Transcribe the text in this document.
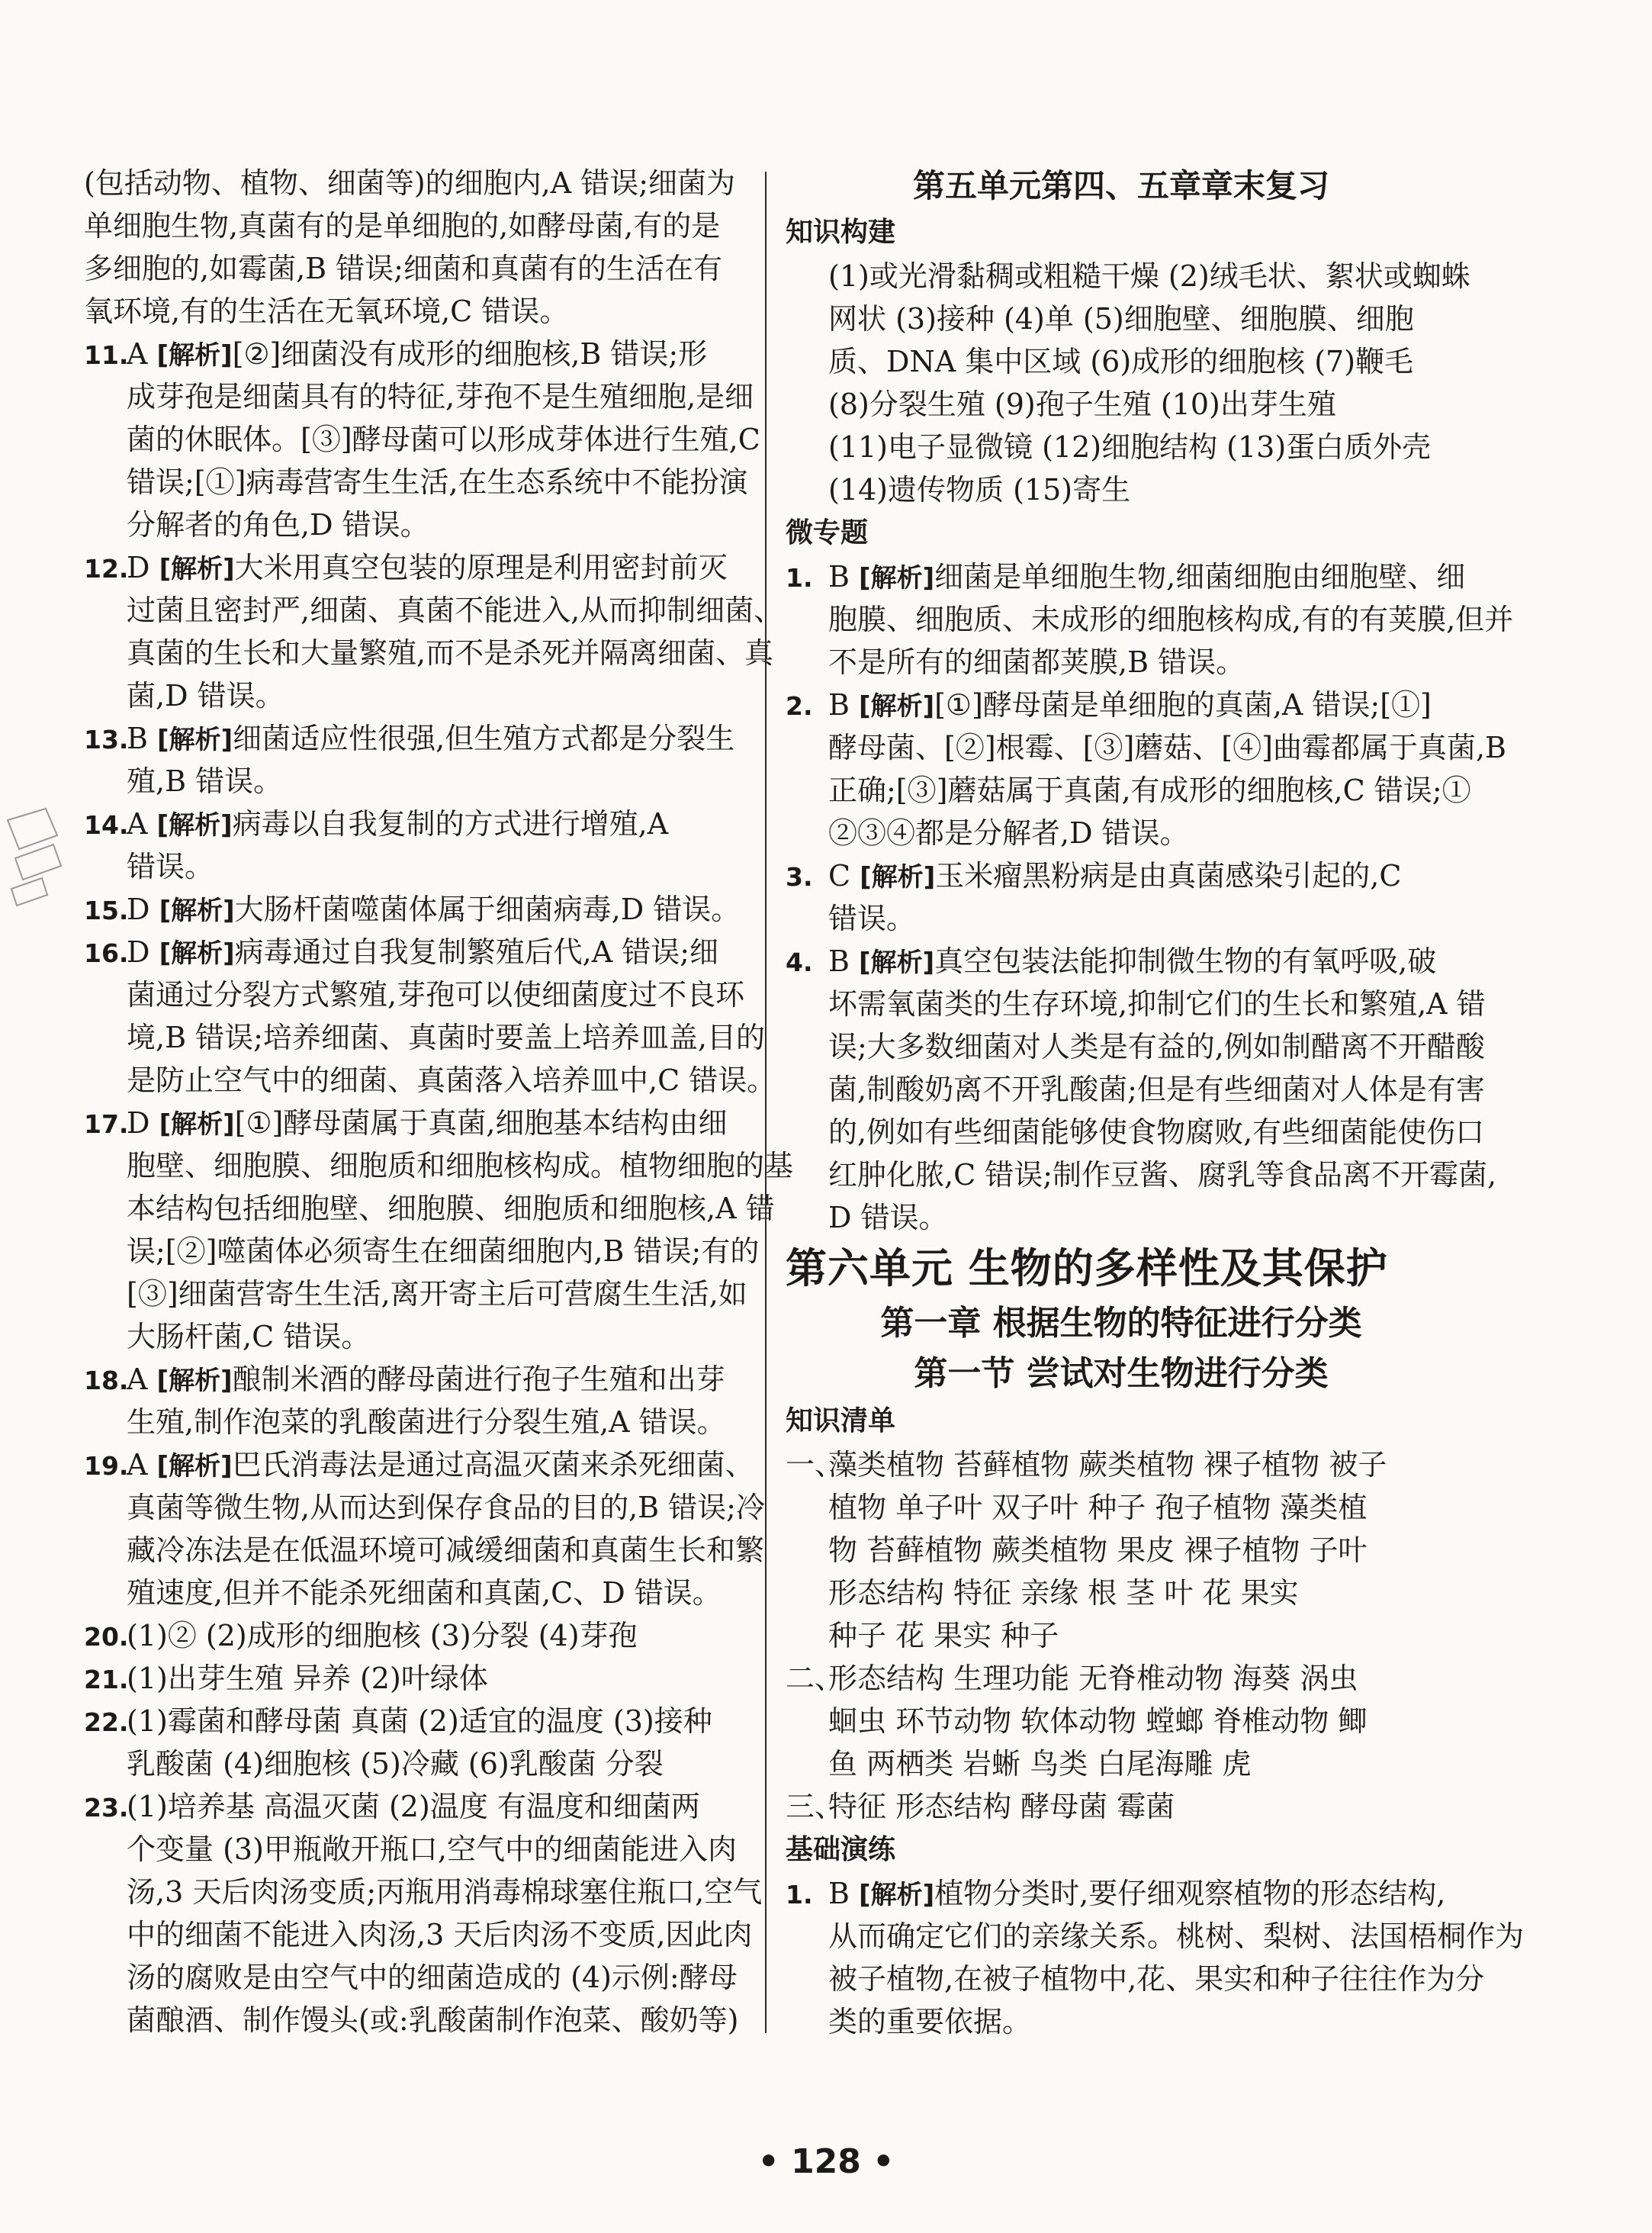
(包括动物、植物、细菌等)的细胞内,A 错误;细菌为
单细胞生物,真菌有的是单细胞的,如酵母菌,有的是
多细胞的,如霉菌,B 错误;细菌和真菌有的生活在有
氧环境,有的生活在无氧环境,C 错误。
11.A [解析][②]细菌没有成形的细胞核,B 错误;形
成芽孢是细菌具有的特征,芽孢不是生殖细胞,是细
菌的休眠体。[③]酵母菌可以形成芽体进行生殖,C
错误;[①]病毒营寄生生活,在生态系统中不能扮演
分解者的角色,D 错误。
12.D [解析]大米用真空包装的原理是利用密封前灭
过菌且密封严,细菌、真菌不能进入,从而抑制细菌、
真菌的生长和大量繁殖,而不是杀死并隔离细菌、真
菌,D 错误。
13.B [解析]细菌适应性很强,但生殖方式都是分裂生
殖,B 错误。
14.A [解析]病毒以自我复制的方式进行增殖,A
错误。
15.D [解析]大肠杆菌噬菌体属于细菌病毒,D 错误。
16.D [解析]病毒通过自我复制繁殖后代,A 错误;细
菌通过分裂方式繁殖,芽孢可以使细菌度过不良环
境,B 错误;培养细菌、真菌时要盖上培养皿盖,目的
是防止空气中的细菌、真菌落入培养皿中,C 错误。
17.D [解析][①]酵母菌属于真菌,细胞基本结构由细
胞壁、细胞膜、细胞质和细胞核构成。植物细胞的基
本结构包括细胞壁、细胞膜、细胞质和细胞核,A 错
误;[②]噬菌体必须寄生在细菌细胞内,B 错误;有的
[③]细菌营寄生生活,离开寄主后可营腐生生活,如
大肠杆菌,C 错误。
18.A [解析]酿制米酒的酵母菌进行孢子生殖和出芽
生殖,制作泡菜的乳酸菌进行分裂生殖,A 错误。
19.A [解析]巴氏消毒法是通过高温灭菌来杀死细菌、
真菌等微生物,从而达到保存食品的目的,B 错误;冷
藏冷冻法是在低温环境可减缓细菌和真菌生长和繁
殖速度,但并不能杀死细菌和真菌,C、D 错误。
20.(1)② (2)成形的细胞核 (3)分裂 (4)芽孢
21.(1)出芽生殖 异养 (2)叶绿体
22.(1)霉菌和酵母菌 真菌 (2)适宜的温度 (3)接种
乳酸菌 (4)细胞核 (5)冷藏 (6)乳酸菌 分裂
23.(1)培养基 高温灭菌 (2)温度 有温度和细菌两
个变量 (3)甲瓶敞开瓶口,空气中的细菌能进入肉
汤,3 天后肉汤变质;丙瓶用消毒棉球塞住瓶口,空气
中的细菌不能进入肉汤,3 天后肉汤不变质,因此肉
汤的腐败是由空气中的细菌造成的 (4)示例:酵母
菌酿酒、制作馒头(或:乳酸菌制作泡菜、酸奶等)
第五单元第四、五章章末复习
知识构建
(1)或光滑黏稠或粗糙干燥 (2)绒毛状、絮状或蜘蛛
网状 (3)接种 (4)单 (5)细胞壁、细胞膜、细胞
质、DNA 集中区域 (6)成形的细胞核 (7)鞭毛
(8)分裂生殖 (9)孢子生殖 (10)出芽生殖
(11)电子显微镜 (12)细胞结构 (13)蛋白质外壳
(14)遗传物质 (15)寄生
微专题
1. B [解析]细菌是单细胞生物,细菌细胞由细胞壁、细
胞膜、细胞质、未成形的细胞核构成,有的有荚膜,但并
不是所有的细菌都荚膜,B 错误。
2. B [解析][①]酵母菌是单细胞的真菌,A 错误;[①]
酵母菌、[②]根霉、[③]蘑菇、[④]曲霉都属于真菌,B
正确;[③]蘑菇属于真菌,有成形的细胞核,C 错误;①
②③④都是分解者,D 错误。
3. C [解析]玉米瘤黑粉病是由真菌感染引起的,C
错误。
4. B [解析]真空包装法能抑制微生物的有氧呼吸,破
坏需氧菌类的生存环境,抑制它们的生长和繁殖,A 错
误;大多数细菌对人类是有益的,例如制醋离不开醋酸
菌,制酸奶离不开乳酸菌;但是有些细菌对人体是有害
的,例如有些细菌能够使食物腐败,有些细菌能使伤口
红肿化脓,C 错误;制作豆酱、腐乳等食品离不开霉菌,
D 错误。
第六单元 生物的多样性及其保护
第一章 根据生物的特征进行分类
第一节 尝试对生物进行分类
知识清单
一、藻类植物 苔藓植物 蕨类植物 裸子植物 被子
植物 单子叶 双子叶 种子 孢子植物 藻类植
物 苔藓植物 蕨类植物 果皮 裸子植物 子叶
形态结构 特征 亲缘 根 茎 叶 花 果实
种子 花 果实 种子
二、形态结构 生理功能 无脊椎动物 海葵 涡虫
蛔虫 环节动物 软体动物 螳螂 脊椎动物 鲫
鱼 两栖类 岩蜥 鸟类 白尾海雕 虎
三、特征 形态结构 酵母菌 霉菌
基础演练
1. B [解析]植物分类时,要仔细观察植物的形态结构,
从而确定它们的亲缘关系。桃树、梨树、法国梧桐作为
被子植物,在被子植物中,花、果实和种子往往作为分
类的重要依据。
• 128 •
